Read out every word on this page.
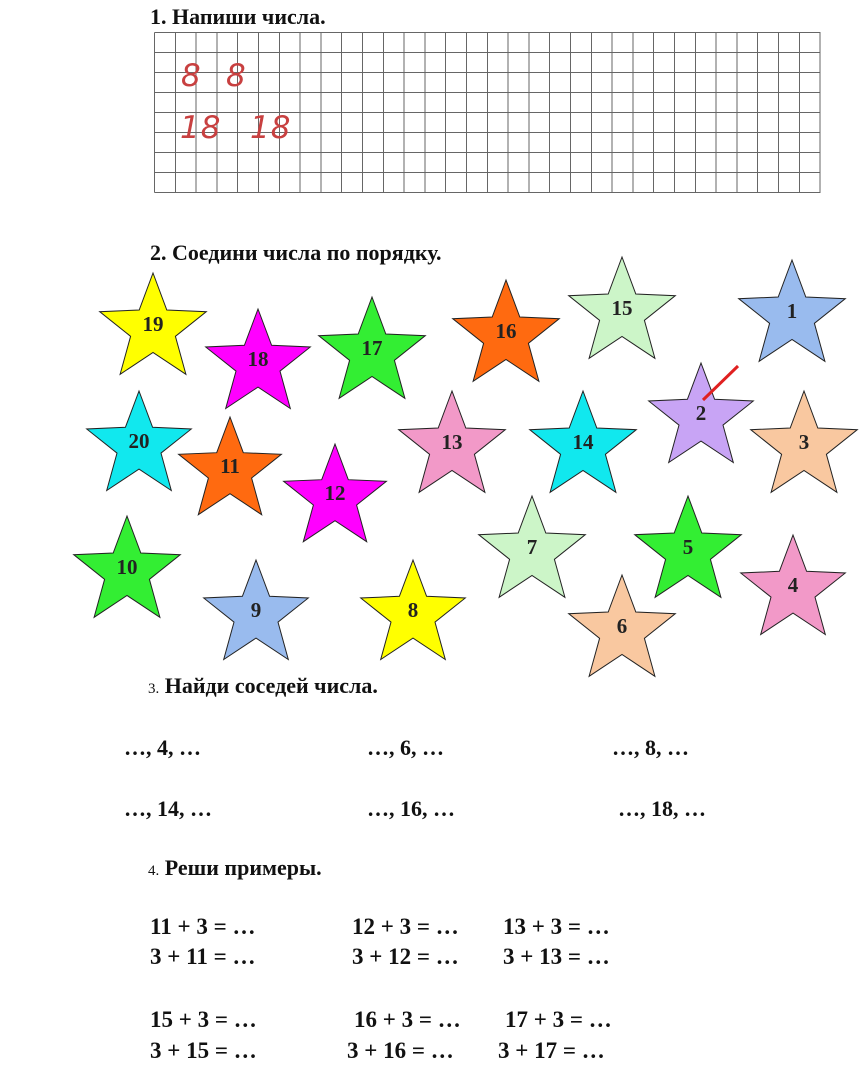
1. Напиши числа.
8 8
18 18
2. Соедини числа по порядку.
19
18	17
16
15	1
20
11
12
13	14
2
3
10
9	8
7	5
4
6
3. Найди соседей числа.
…, 4, …	…, 6, …	…, 8, …
…, 14, …	…, 16, …	…, 18, …
4. Реши примеры.
11 + 3 = …	12 + 3 = … 13 + 3 = …
3 + 11 = …	3 + 12 = … 3 + 13 = …
15 + 3 = …	16 + 3 = … 17 + 3 = …
3 + 15 = …	3 + 16 = … 3 + 17 = …
